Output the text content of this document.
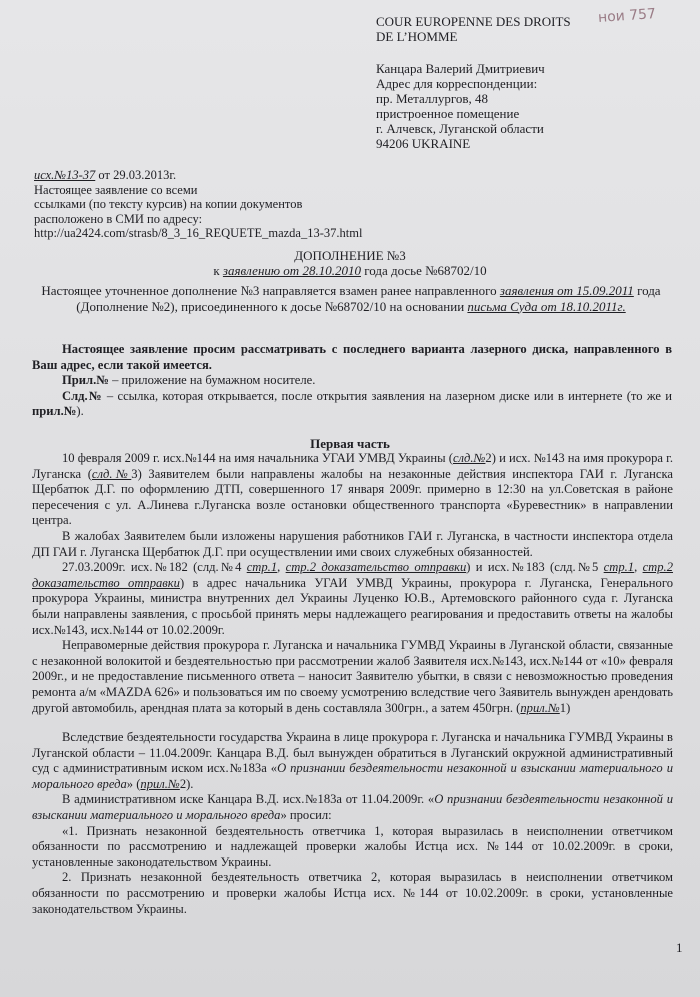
COUR EUROPENNE DES DROITS
DE L’HOMME
нои 757
Канцара Валерий Дмитриевич
Адрес для корреспонденции:
пр. Металлургов, 48
пристроенное помещение
г. Алчевск, Луганской области
94206 UKRAINE
исх.№13-37 от 29.03.2013г.
Настоящее заявление со всеми
ссылками (по тексту курсив) на копии документов
расположено в СМИ по адресу:
http://ua2424.com/strasb/8_3_16_REQUETE_mazda_13-37.html
ДОПОЛНЕНИЕ №3
к заявлению от 28.10.2010 года досье №68702/10
Настоящее уточненное дополнение №3 направляется взамен ранее направленного заявления от 15.09.2011 года (Дополнение №2), присоединенного к досье №68702/10 на основании письма Суда от 18.10.2011г.

Настоящее заявление просим рассматривать с последнего варианта лазерного диска, направленного в Ваш адрес, если такой имеется.

Прил.№ – приложение на бумажном носителе.

Слд.№ – ссылка, которая открывается, после открытия заявления на лазерном диске или в интернете (то же и прил.№).

Первая часть

10 февраля 2009 г. исх.№144 на имя начальника УГАИ УМВД Украины (слд.№2) и исх. №143 на имя прокурора г. Луганска (слд.№3) Заявителем были направлены жалобы на незаконные действия инспектора ГАИ г. Луганска Щербатюк Д.Г. по оформлению ДТП, совершенного 17 января 2009г. примерно в 12:30 на ул.Советская в районе пересечения с ул. А.Линева г.Луганска возле остановки общественного транспорта «Буревестник» в направлении центра.

В жалобах Заявителем были изложены нарушения работников ГАИ г. Луганска, в частности инспектора отдела ДП ГАИ г. Луганска Щербатюк Д.Г. при осуществлении ими своих служебных обязанностей.

27.03.2009г. исх.№182 (слд.№4 стр.1, стр.2 доказательство отправки) и исх.№183 (слд.№5 стр.1, стр.2 доказательство отправки) в адрес начальника УГАИ УМВД Украины, прокурора г. Луганска, Генерального прокурора Украины, министра внутренних дел Украины Луценко Ю.В., Артемовского районного суда г. Луганска были направлены заявления, с просьбой принять меры надлежащего реагирования и предоставить ответы на жалобы исх.№143, исх.№144 от 10.02.2009г.

Неправомерные действия прокурора г. Луганска и начальника ГУМВД Украины в Луганской области, связанные с незаконной волокитой и бездеятельностью при рассмотрении жалоб Заявителя исх.№143, исх.№144 от «10» февраля 2009г., и не предоставление письменного ответа – наносит Заявителю убытки, в связи с невозможностью проведения ремонта а/м «MAZDA 626» и пользоваться им по своему усмотрению вследствие чего Заявитель вынужден арендовать другой автомобиль, арендная плата за который в день составляла 300грн., а затем 450грн. (прил.№1)

Вследствие бездеятельности государства Украина в лице прокурора г. Луганска и начальника ГУМВД Украины в Луганской области – 11.04.2009г. Канцара В.Д. был вынужден обратиться в Луганский окружной административный суд с административным иском исх.№183а «О признании бездеятельности незаконной и взыскании материального и морального вреда» (прил.№2).

В административном иске Канцара В.Д. исх.№183а от 11.04.2009г. «О признании бездеятельности незаконной и взыскании материального и морального вреда» просил:

«1. Признать незаконной бездеятельность ответчика 1, которая выразилась в неисполнении ответчиком обязанности по рассмотрению и надлежащей проверки жалобы Истца исх. №144 от 10.02.2009г. в сроки, установленные законодательством Украины.

2. Признать незаконной бездеятельность ответчика 2, которая выразилась в неисполнении ответчиком обязанности по рассмотрению и проверки жалобы Истца исх. №144 от 10.02.2009г. в сроки, установленные законодательством Украины.

1
